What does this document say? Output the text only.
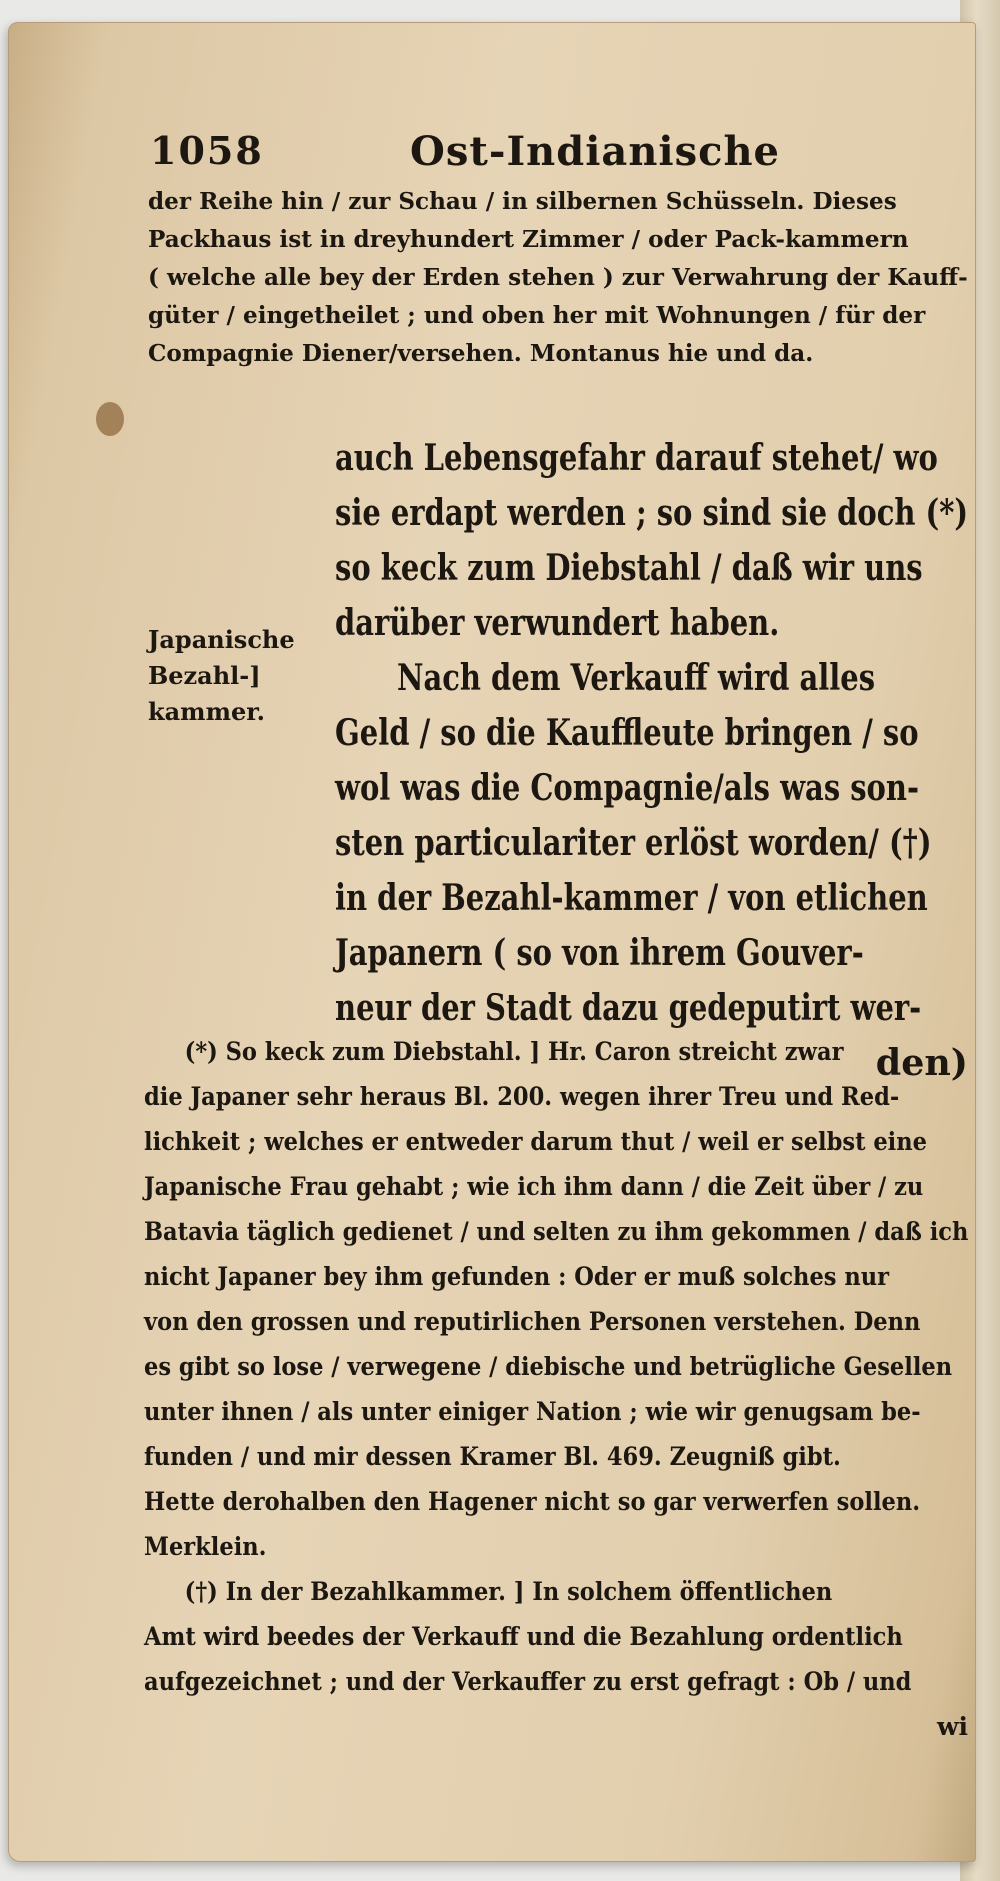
1058	Ost-Indianische
der Reihe hin / zur Schau / in silbernen Schüsseln. Dieses
Packhaus ist in dreyhundert Zimmer / oder Pack-kammern
( welche alle bey der Erden stehen ) zur Verwahrung der Kauff-
güter / eingetheilet ; und oben her mit Wohnungen / für der
Compagnie Diener/versehen. Montanus hie und da.
auch Lebensgefahr darauf stehet/ wo
sie erdapt werden ; so sind sie doch (*)
so keck zum Diebstahl / daß wir uns
darüber verwundert haben.
Nach dem Verkauff wird alles
Geld / so die Kauffleute bringen / so
wol was die Compagnie/als was son-
sten particulariter erlöst worden/ (†)
in der Bezahl-kammer / von etlichen
Japanern ( so von ihrem Gouver-
neur der Stadt dazu gedeputirt wer-
den)
Japanische
Bezahl-]
kammer.
(*) So keck zum Diebstahl. ] Hr. Caron streicht zwar
die Japaner sehr heraus Bl. 200. wegen ihrer Treu und Red-
lichkeit ; welches er entweder darum thut / weil er selbst eine
Japanische Frau gehabt ; wie ich ihm dann / die Zeit über / zu
Batavia täglich gedienet / und selten zu ihm gekommen / daß ich
nicht Japaner bey ihm gefunden : Oder er muß solches nur
von den grossen und reputirlichen Personen verstehen. Denn
es gibt so lose / verwegene / diebische und betrügliche Gesellen
unter ihnen / als unter einiger Nation ; wie wir genugsam be-
funden / und mir dessen Kramer Bl. 469. Zeugniß gibt.
Hette derohalben den Hagener nicht so gar verwerfen sollen.
Merklein.
(†) In der Bezahlkammer. ] In solchem öffentlichen
Amt wird beedes der Verkauff und die Bezahlung ordentlich
aufgezeichnet ; und der Verkauffer zu erst gefragt : Ob / und
wi
